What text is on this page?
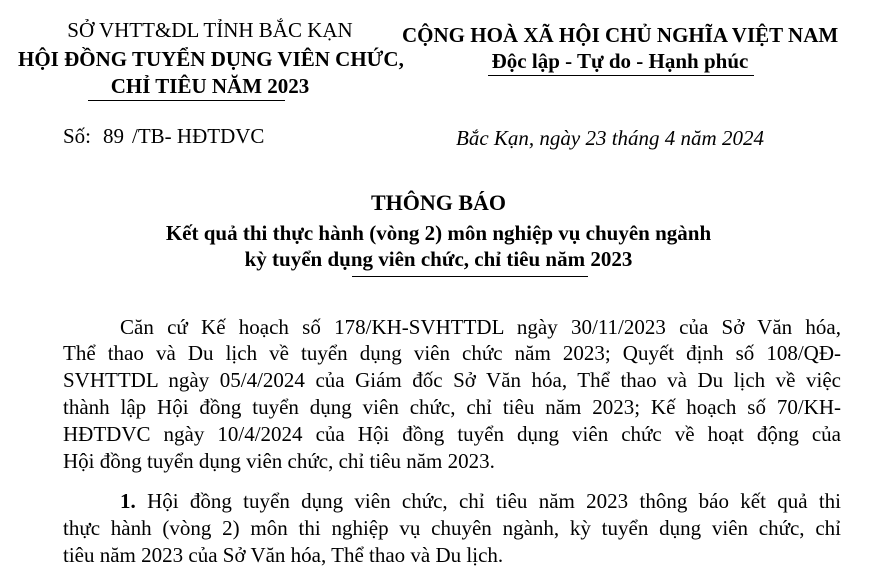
SỞ VHTT&DL TỈNH BẮC KẠN
HỘI ĐỒNG TUYỂN DỤNG VIÊN CHỨC,
CHỈ TIÊU NĂM 2023
CỘNG HOÀ XÃ HỘI CHỦ NGHĨA VIỆT NAM
Độc lập - Tự do - Hạnh phúc
Số: 89 /TB- HĐTDVC	Bắc Kạn, ngày 23 tháng 4 năm 2024
THÔNG BÁO
Kết quả thi thực hành (vòng 2) môn nghiệp vụ chuyên ngành
kỳ tuyển dụng viên chức, chỉ tiêu năm 2023
Căn cứ Kế hoạch số 178/KH-SVHTTDL ngày 30/11/2023 của Sở Văn hóa,
Thể thao và Du lịch về tuyển dụng viên chức năm 2023; Quyết định số 108/QĐ-
SVHTTDL ngày 05/4/2024 của Giám đốc Sở Văn hóa, Thể thao và Du lịch về việc
thành lập Hội đồng tuyển dụng viên chức, chỉ tiêu năm 2023; Kế hoạch số 70/KH-
HĐTDVC ngày 10/4/2024 của Hội đồng tuyển dụng viên chức về hoạt động của
Hội đồng tuyển dụng viên chức, chỉ tiêu năm 2023.
1. Hội đồng tuyển dụng viên chức, chỉ tiêu năm 2023 thông báo kết quả thi
thực hành (vòng 2) môn thi nghiệp vụ chuyên ngành, kỳ tuyển dụng viên chức, chỉ
tiêu năm 2023 của Sở Văn hóa, Thể thao và Du lịch.
